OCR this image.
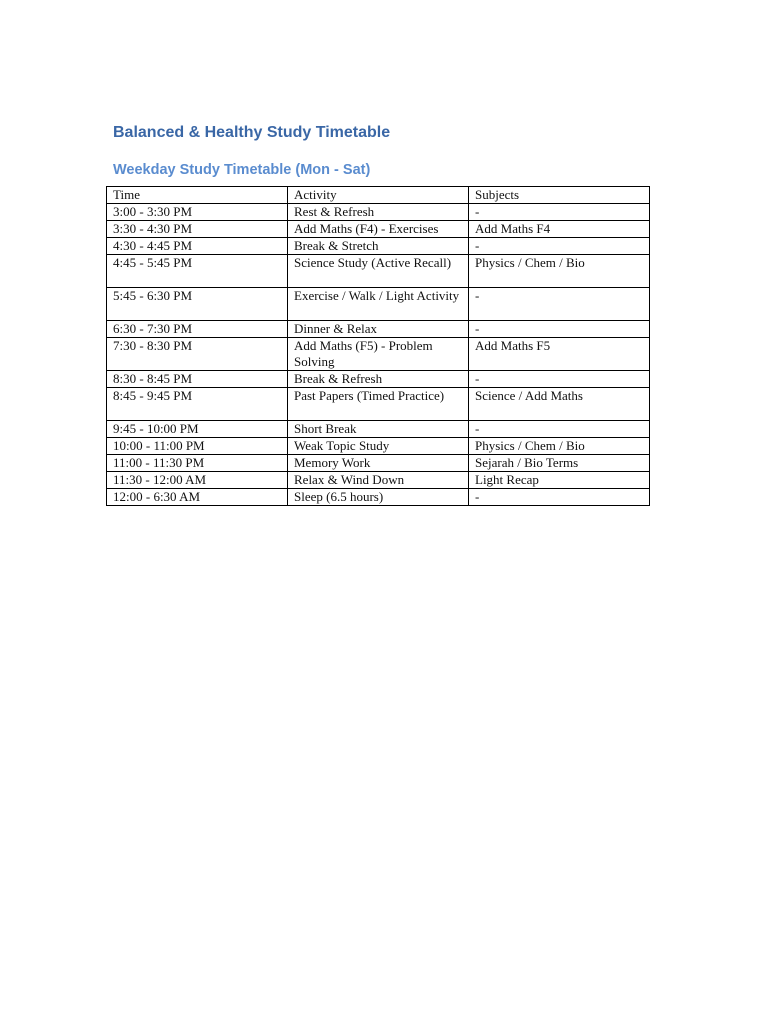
Balanced & Healthy Study Timetable
Weekday Study Timetable (Mon - Sat)
Time	Activity	Subjects
3:00 - 3:30 PM	Rest & Refresh	-
3:30 - 4:30 PM	Add Maths (F4) - Exercises	Add Maths F4
4:30 - 4:45 PM	Break & Stretch	-
4:45 - 5:45 PM	Science Study (Active Recall)	Physics / Chem / Bio
5:45 - 6:30 PM	Exercise / Walk / Light Activity	-
6:30 - 7:30 PM	Dinner & Relax	-
7:30 - 8:30 PM	Add Maths (F5) - Problem Solving	Add Maths F5
8:30 - 8:45 PM	Break & Refresh	-
8:45 - 9:45 PM	Past Papers (Timed Practice)	Science / Add Maths
9:45 - 10:00 PM	Short Break	-
10:00 - 11:00 PM	Weak Topic Study	Physics / Chem / Bio
11:00 - 11:30 PM	Memory Work	Sejarah / Bio Terms
11:30 - 12:00 AM	Relax & Wind Down	Light Recap
12:00 - 6:30 AM	Sleep (6.5 hours)	-
